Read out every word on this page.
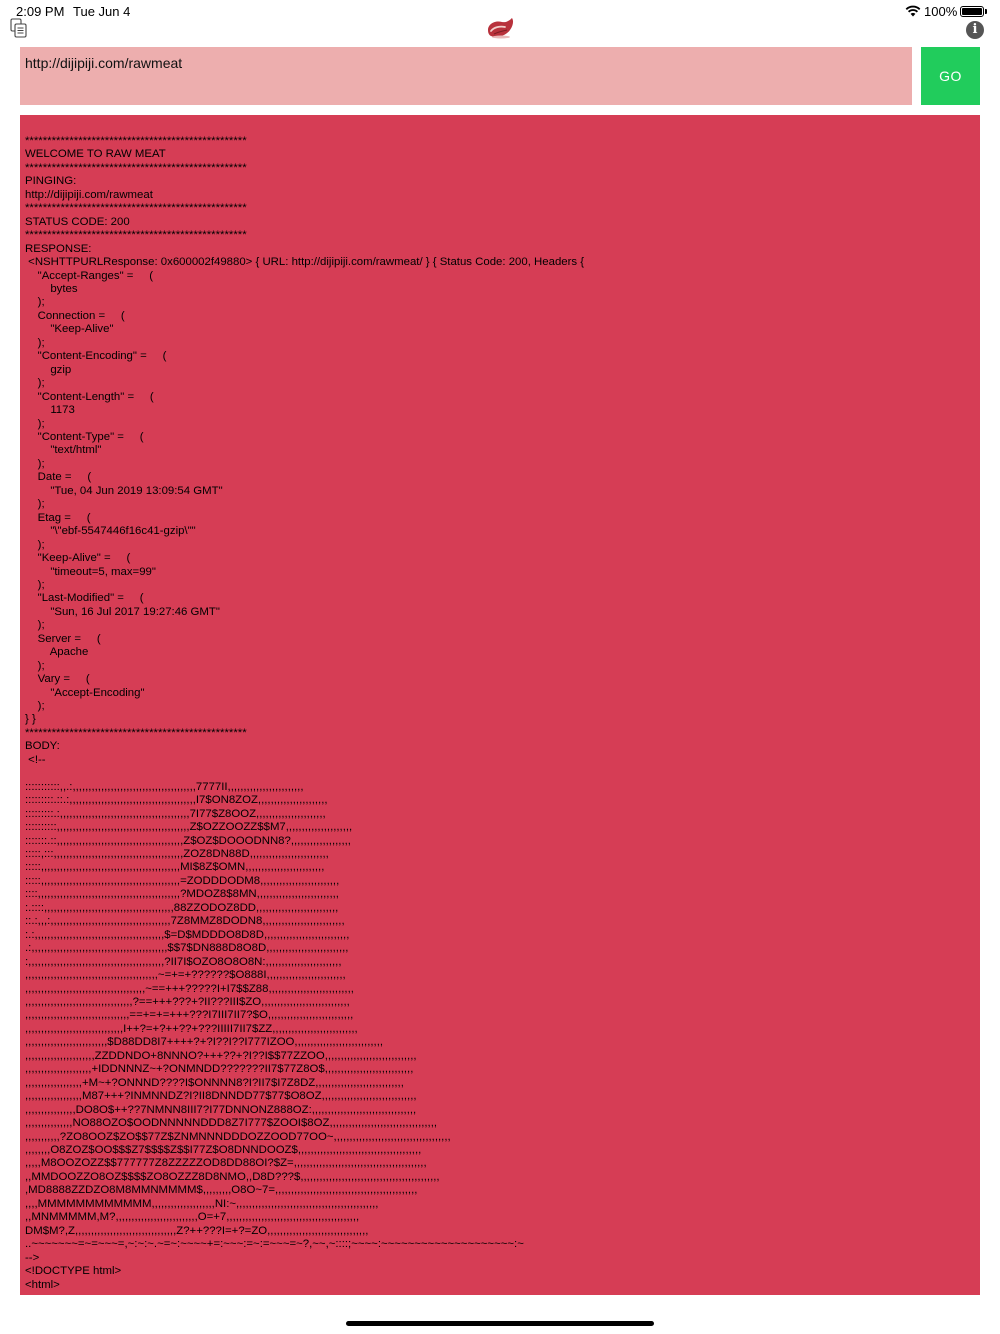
2:09 PM Tue Jun 4	100%
i
http://dijipiji.com/rawmeat
GO
**************************************************
WELCOME TO RAW MEAT
**************************************************
PINGING:
http://dijipiji.com/rawmeat
**************************************************
STATUS CODE: 200
**************************************************
RESPONSE:
<NSHTTPURLResponse: 0x600002f49880> { URL: http://dijipiji.com/rawmeat/ } { Status Code: 200, Headers {
"Accept-Ranges" =     (
bytes
);
Connection =     (
"Keep-Alive"
);
"Content-Encoding" =     (
gzip
);
"Content-Length" =     (
1173
);
"Content-Type" =     (
"text/html"
);
Date =     (
"Tue, 04 Jun 2019 13:09:54 GMT"
);
Etag =     (
"\"ebf-5547446f16c41-gzip\""
);
"Keep-Alive" =     (
"timeout=5, max=99"
);
"Last-Modified" =     (
"Sun, 16 Jul 2017 19:27:46 GMT"
);
Server =     (
Apache
);
Vary =     (
"Accept-Encoding"
);
} }
**************************************************
BODY:
<!--

:::::::::::,,.:,,,,,,,,,,,,,,,,,,,,,,,,,,,,,,,,,,,,,,,7777II,,,,,,,,,,,,,,,,,,,,,,,,
:::::::::.::.:,,,,,,,,,,,,,,,,,,,,,,,,,,,,,,,,,,,,,,,,I7$ON8ZOZ,,,,,,,,,,,,,,,,,,,,,,
:::::::::.:,,,,,,,,,,,,,,,,,,,,,,,,,,,,,,,,,,,,,,,,,7I77$Z8OOZ,,,,,,,,,,,,,,,,,,,,,,
::::::::::,,,,,,,,,,,,,,,,,,,,,,,,,,,,,,,,,,,,,,,,,,Z$OZZOOZZ$$M7,,,,,,,,,,,,,,,,,,,,,
:::::::.::,,,,,,,,,,,,,,,,,,,,,,,,,,,,,,,,,,,,,,,,Z$OZ$DOOODNN8?,,,,,,,,,,,,,,,,,,,
:::::,:::,,,,,,,,,,,,,,,,,,,,,,,,,,,,,,,,,,,,,,,,,ZOZ8DN88D,,,,,,,,,,,,,,,,,,,,,,,,,
:::::,,,,,,,,,,,,,,,,,,,,,,,,,,,,,,,,,,,,,,,,,,,,MI$8Z$OMN,,,,,,,,,,,,,,,,,,,,,,,,,
:::::,,,,,,,,,,,,,,,,,,,,,,,,,,,,,,,,,,,,,,,,,,,,=ZODDDODM8,,,,,,,,,,,,,,,,,,,,,,,,,
::::,,,,,,,,,,,,,,,,,,,,,,,,,,,,,,,,,,,,,,,,,,,,,?MDOZ8$8MN,,,,,,,,,,,,,,,,,,,,,,,,,,
:.::::,,,,,,,,,,,,,,,,,,,,,,,,,,,,,,,,,,,,,,,,,88ZZODOZ8DD,,,,,,,,,,,,,,,,,,,,,,,,,,
::.:,,,:,,,,,,,,,,,,,,,,,,,,,,,,,,,,,,,,,,,,,,7Z8MMZ8DODN8,,,,,,,,,,,,,,,,,,,,,,,,,,
:.:,,,,,,,,,,,,,,,,,,,,,,,,,,,,,,,,,,,,,,,,,$=D$MDDDO8D8D,,,,,,,,,,,,,,,,,,,,,,,,,,,
.:,,,,,,,,,,,,,,,,,,,,,,,,,,,,,,,,,,,,,,,,,,,$$7$DN888D8O8D,,,,,,,,,,,,,,,,,,,,,,,,,,
:,,,,,,,,,,,,,,,,,,,,,,,,,,,,,,,,,,,,,,,,,,,?II7I$OZO8O8O8N:,,,,,,,,,,,,,,,,,,,,,,,,
,,,,,,,,,,,,,,,,,,,,,,,,,,,,,,,,,,,,,,,,,,~=+=+??????$O888I,,,,,,,,,,,,,,,,,,,,,,,,,
,,,,,,,,,,,,,,,,,,,,,,,,,,,,,,,,,,,,,,~==+++?????I+I7$$Z88,,,,,,,,,,,,,,,,,,,,,,,,,,,
,,,,,,,,,,,,,,,,,,,,,,,,,,,,,,,,,,?==+++???+?II???III$ZO,,,,,,,,,,,,,,,,,,,,,,,,,,,,
,,,,,,,,,,,,,,,,,,,,,,,,,,,,,,,,,==+=+=+++???I7III7II7?$O,,,,,,,,,,,,,,,,,,,,,,,,,,,
,,,,,,,,,,,,,,,,,,,,,,,,,,,,,,,I++?=+?++??+???IIIII7II7$ZZ,,,,,,,,,,,,,,,,,,,,,,,,,,,
,,,,,,,,,,,,,,,,,,,,,,,,,,$D88DD8I7++++?+?I??I??I777IZOO,,,,,,,,,,,,,,,,,,,,,,,,,,,,
,,,,,,,,,,,,,,,,,,,,,,ZZDDNDO+8NNNO?+++??+?I??I$$77ZZOO,,,,,,,,,,,,,,,,,,,,,,,,,,,,,
,,,,,,,,,,,,,,,,,,,,,+IDDNNNZ~+?ONMNDD???????II7$77Z8O$,,,,,,,,,,,,,,,,,,,,,,,,,,,,
,,,,,,,,,,,,,,,,,,+M~+?ONNND????I$ONNNN8?I?II7$I7Z8DZ,,,,,,,,,,,,,,,,,,,,,,,,,,,,
,,,,,,,,,,,,,,,,,,M87+++?INMNNDZ?I?II8DNNDD77$77$O8OZ,,,,,,,,,,,,,,,,,,,,,,,,,,,,,,
,,,,,,,,,,,,,,,,DO8O$++??7NMNN8III7?I77DNNONZ888OZ:,,,,,,,,,,,,,,,,,,,,,,,,,,,,,,,,,
,,,,,,,,,,,,,,,NO88OZO$OODNNNNNDDD8Z7I777$ZOOI$8OZ,,,,,,,,,,,,,,,,,,,,,,,,,,,,,,,,,,
,,,,,,,,,,,?ZO8OOZ$ZO$$77Z$ZNMNNNDDDOZZOOD77OO~,,,,,,,,,,,,,,,,,,,,,,,,,,,,,,,,,,,,,
,,,,,,,,O8ZOZ$OO$$$Z7$$$$Z$$I77Z$O8DNNDOOZ$,,,,,,,,,,,,,,,,,,,,,,,,,,,,,,,,,,,,,,,
,,,,,M8OOZOZZ$$777777Z8ZZZZZOD8DD88OI?$Z=,,,,,,,,,,,,,,,,,,,,,,,,,,,,,,,,,,,,,,,,,,
,,MMDOOZZO8OZ$$$$ZO8OZZZ8D8NMO,,D8D???$,,,,,,,,,,,,,,,,,,,,,,,,,,,,,,,,,,,,,,,,,,,,
,MD8888ZZDZO8M8MMNMMMM$,,,,,,,,,O8O~7=,,,,,,,,,,,,,,,,,,,,,,,,,,,,,,,,,,,,,,,,,,,,,
,,,,MMMMMMMMMMMM,,,,,,,,,,,,,,,,,,,,NI:~,,,,,,,,,,,,,,,,,,,,,,,,,,,,,,,,,,,,,,,,,,,,,
,,MNMMMMM,M?,,,,,,,,,,,,,,,,,,,,,,,,,,O=+7,,,,,,,,,,,,,,,,,,,,,,,,,,,,,,,,,,,,,,,,,,
DM$M?,Z,,,,,,,,,,,,,,,,,,,,,,,,,,,,,,,,Z?++???I=+?=ZO,,,,,,,,,,,,,,,,,,,,,,,,,,,,,,,,
..~~~~~~~=~=~~~=,~:~:~.~=~:~~~~+=:~~~:=~:=~~~=~?,~~,~::::;~~~~:~~~~~~~~~~~~~~~~~~~~:~
-->
<!DOCTYPE html>
<html>
